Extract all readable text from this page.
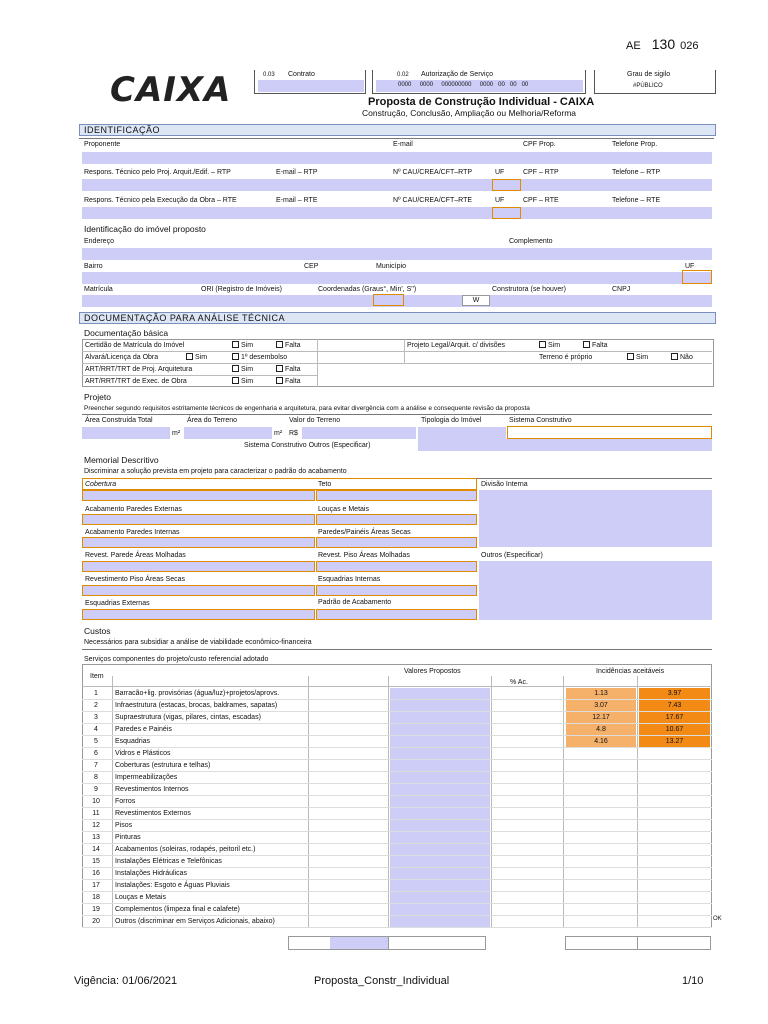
AE 130 026
CAIXA	0.03 Contrato	0.02 Autorização de Serviço
0000 0000 000000000 0000 00 00 00
Grau de sigilo
#PÚBLICO
Proposta de Construção Individual - CAIXA
Construção, Conclusão, Ampliação ou Melhoria/Reforma
IDENTIFICAÇÃO
Proponente	E-mail	CPF Prop.	Telefone Prop.
Respons. Técnico pelo Proj. Arquit./Edif. – RTP	E-mail – RTP	Nº CAU/CREA/CFT–RTP	UF	CPF – RTP	Telefone – RTP
Respons. Técnico pela Execução da Obra – RTE	E-mail – RTE	Nº CAU/CREA/CFT–RTE	UF	CPF – RTE	Telefone – RTE
Identificação do imóvel proposto
Endereço	Complemento
Bairro	CEP	Município	UF
Matrícula	ORI (Registro de Imóveis)	Coordenadas (Graus°, Min', S'')	Construtora (se houver)	CNPJ
W
DOCUMENTAÇÃO PARA ANÁLISE TÉCNICA
Documentação básica
Certidão de Matrícula do Imóvel	Sim	Falta
Alvará/Licença da Obra	Sim	1º desembolso
ART/RRT/TRT de Proj. Arquitetura	Sim	Falta
ART/RRT/TRT de Exec. de Obra	Sim	Falta
Projeto Legal/Arquit. c/ divisões	Sim	Falta
Terreno é próprio	Sim	Não
Projeto
Preencher segundo requisitos estritamente técnicos de engenharia e arquitetura, para evitar divergência com a análise e consequente revisão da proposta
Área Construída Total	Área do Terreno	Valor do Terreno	Tipologia do Imóvel	Sistema Construtivo
m²	m² R$
Sistema Construtivo Outros (Especificar)
Memorial Descritivo
Discriminar a solução prevista em projeto para caracterizar o padrão do acabamento
Cobertura	Teto	Divisão Interna
Acabamento Paredes Externas	Louças e Metais
Acabamento Paredes Internas	Paredes/Painéis Áreas Secas
Revest. Parede Áreas Molhadas	Revest. Piso Áreas Molhadas	Outros (Especificar)
Revestimento Piso Áreas Secas	Esquadrias Internas
Esquadrias Externas	Padrão de Acabamento
Custos
Necessários para subsidiar a análise de viabilidade econômico-financeira
Serviços componentes do projeto/custo referencial adotado
Valores Propostos	Incidências aceitáveis
Item
% Ac.
1	Barracão+lig. provisórias (água/luz)+projetos/aprovs.	1.13	3.97
2	Infraestrutura (estacas, brocas, baldrames, sapatas)	3.07	7.43
3	Supraestrutura (vigas, pilares, cintas, escadas)	12.17	17.67
4	Paredes e Painéis	4.8	10.67
5	Esquadrias	4.16	13.27
6	Vidros e Plásticos
7	Coberturas (estrutura e telhas)
8	Impermeabilizações
9	Revestimentos Internos
10	Forros
11	Revestimentos Externos
12	Pisos
13	Pinturas
14	Acabamentos (soleiras, rodapés, peitoril etc.)
15	Instalações Elétricas e Telefônicas
16	Instalações Hidráulicas
17	Instalações: Esgoto e Águas Pluviais
18	Louças e Metais
19	Complementos (limpeza final e calafete)
20	Outros (discriminar em Serviços Adicionais, abaixo)	OK
Vigência: 01/06/2021	Proposta_Constr_Individual	1/10
